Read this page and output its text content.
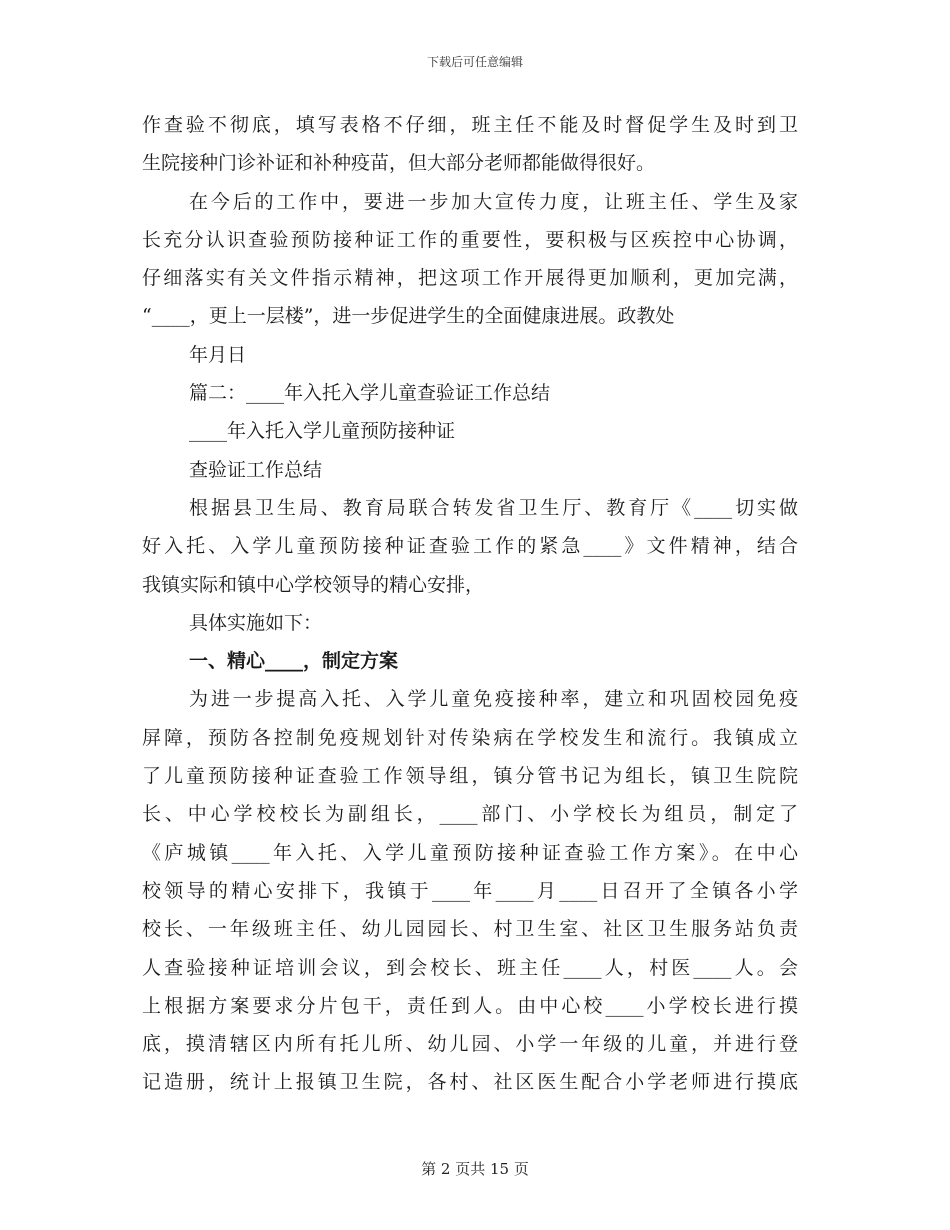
下载后可任意编辑
作查验不彻底，填写表格不仔细，班主任不能及时督促学生及时到卫
生院接种门诊补证和补种疫苗，但大部分老师都能做得很好。
在今后的工作中，要进一步加大宣传力度，让班主任、学生及家
长充分认识查验预防接种证工作的重要性，要积极与区疾控中心协调，
仔细落实有关文件指示精神，把这项工作开展得更加顺利，更加完满，
“____，更上一层楼”，进一步促进学生的全面健康进展。政教处
年月日
篇二：____年入托入学儿童查验证工作总结
____年入托入学儿童预防接种证
查验证工作总结
根据县卫生局、教育局联合转发省卫生厅、教育厅《____切实做
好入托、入学儿童预防接种证查验工作的紧急____》文件精神，结合
我镇实际和镇中心学校领导的精心安排，
具体实施如下：
一、精心____，制定方案
为进一步提高入托、入学儿童免疫接种率，建立和巩固校园免疫
屏障，预防各控制免疫规划针对传染病在学校发生和流行。我镇成立
了儿童预防接种证查验工作领导组，镇分管书记为组长，镇卫生院院
长、中心学校校长为副组长，____部门、小学校长为组员，制定了
《庐城镇____年入托、入学儿童预防接种证查验工作方案》。在中心
校领导的精心安排下，我镇于____年____月____日召开了全镇各小学
校长、一年级班主任、幼儿园园长、村卫生室、社区卫生服务站负责
人查验接种证培训会议，到会校长、班主任____人，村医____人。会
上根据方案要求分片包干，责任到人。由中心校____小学校长进行摸
底，摸清辖区内所有托儿所、幼儿园、小学一年级的儿童，并进行登
记造册，统计上报镇卫生院，各村、社区医生配合小学老师进行摸底
第 2 页共 15 页
